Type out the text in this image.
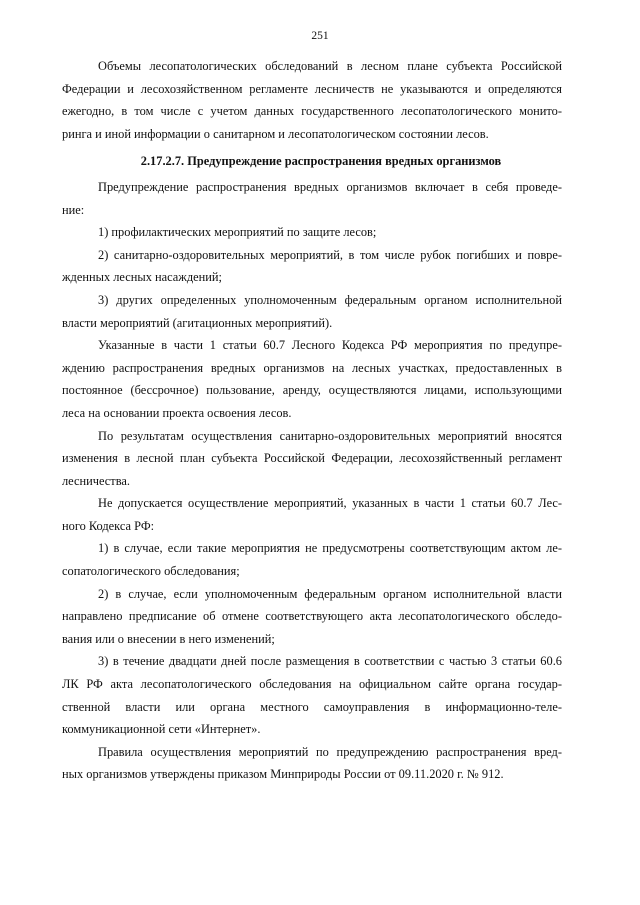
251
Объемы лесопатологических обследований в лесном плане субъекта Российской
Федерации и лесохозяйственном регламенте лесничеств не указываются и определяются
ежегодно, в том числе с учетом данных государственного лесопатологического монито-
ринга и иной информации о санитарном и лесопатологическом состоянии лесов.
2.17.2.7. Предупреждение распространения вредных организмов
Предупреждение распространения вредных организмов включает в себя проведе-
ние:
1) профилактических мероприятий по защите лесов;
2) санитарно-оздоровительных мероприятий, в том числе рубок погибших и повре-
жденных лесных насаждений;
3) других определенных уполномоченным федеральным органом исполнительной
власти мероприятий (агитационных мероприятий).
Указанные в части 1 статьи 60.7 Лесного Кодекса РФ мероприятия по предупре-
ждению распространения вредных организмов на лесных участках, предоставленных в
постоянное (бессрочное) пользование, аренду, осуществляются лицами, использующими
леса на основании проекта освоения лесов.
По результатам осуществления санитарно-оздоровительных мероприятий вносятся
изменения в лесной план субъекта Российской Федерации, лесохозяйственный регламент
лесничества.
Не допускается осуществление мероприятий, указанных в части 1 статьи 60.7 Лес-
ного Кодекса РФ:
1) в случае, если такие мероприятия не предусмотрены соответствующим актом ле-
сопатологического обследования;
2) в случае, если уполномоченным федеральным органом исполнительной власти
направлено предписание об отмене соответствующего акта лесопатологического обследо-
вания или о внесении в него изменений;
3) в течение двадцати дней после размещения в соответствии с частью 3 статьи 60.6
ЛК РФ акта лесопатологического обследования на официальном сайте органа государ-
ственной власти или органа местного самоуправления в информационно-теле-
коммуникационной сети «Интернет».
Правила осуществления мероприятий по предупреждению распространения вред-
ных организмов утверждены приказом Минприроды России от 09.11.2020 г. № 912.
